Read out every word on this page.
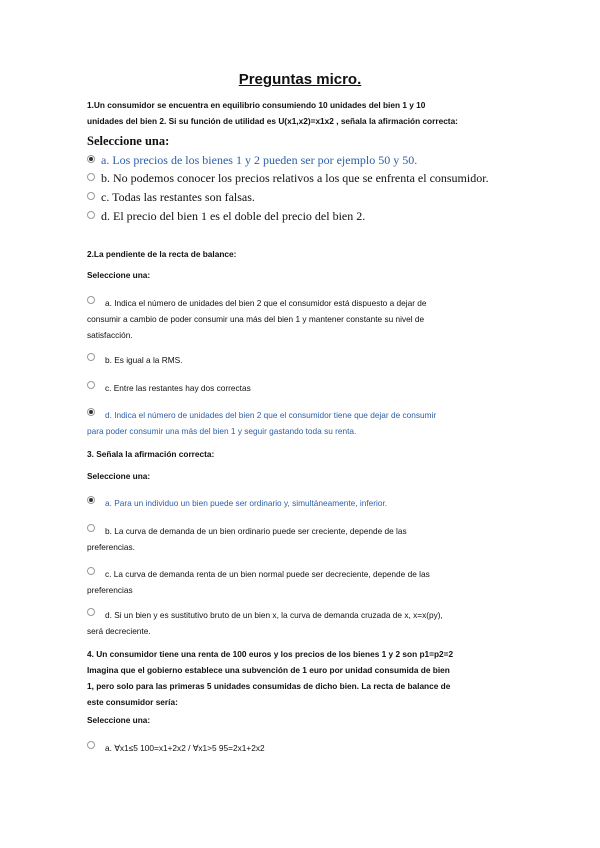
Preguntas micro.
1.Un consumidor se encuentra en equilibrio consumiendo 10 unidades del bien 1 y 10
unidades del bien 2. Si su función de utilidad es U(x1,x2)=x1x2 , señala la afirmación correcta:
Seleccione una:
a. Los precios de los bienes 1 y 2 pueden ser por ejemplo 50 y 50.
b. No podemos conocer los precios relativos a los que se enfrenta el consumidor.
c. Todas las restantes son falsas.
d. El precio del bien 1 es el doble del precio del bien 2.
2.La pendiente de la recta de balance:
Seleccione una:
a. Indica el número de unidades del bien 2 que el consumidor está dispuesto a dejar de
consumir a cambio de poder consumir una más del bien 1 y mantener constante su nivel de
satisfacción.
b. Es igual a la RMS.
c. Entre las restantes hay dos correctas
d. Indica el número de unidades del bien 2 que el consumidor tiene que dejar de consumir
para poder consumir una más del bien 1 y seguir gastando toda su renta.
3. Señala la afirmación correcta:
Seleccione una:
a. Para un individuo un bien puede ser ordinario y, simultáneamente, inferior.
b. La curva de demanda de un bien ordinario puede ser creciente, depende de las
preferencias.
c. La curva de demanda renta de un bien normal puede ser decreciente, depende de las
preferencias
d. Si un bien y es sustitutivo bruto de un bien x, la curva de demanda cruzada de x, x=x(py),
será decreciente.
4. Un consumidor tiene una renta de 100 euros y los precios de los bienes 1 y 2 son p1=p2=2
Imagina que el gobierno establece una subvención de 1 euro por unidad consumida de bien
1, pero solo para las primeras 5 unidades consumidas de dicho bien. La recta de balance de
este consumidor sería:
Seleccione una:
a. ∀x1≤5 100=x1+2x2 / ∀x1>5 95=2x1+2x2
